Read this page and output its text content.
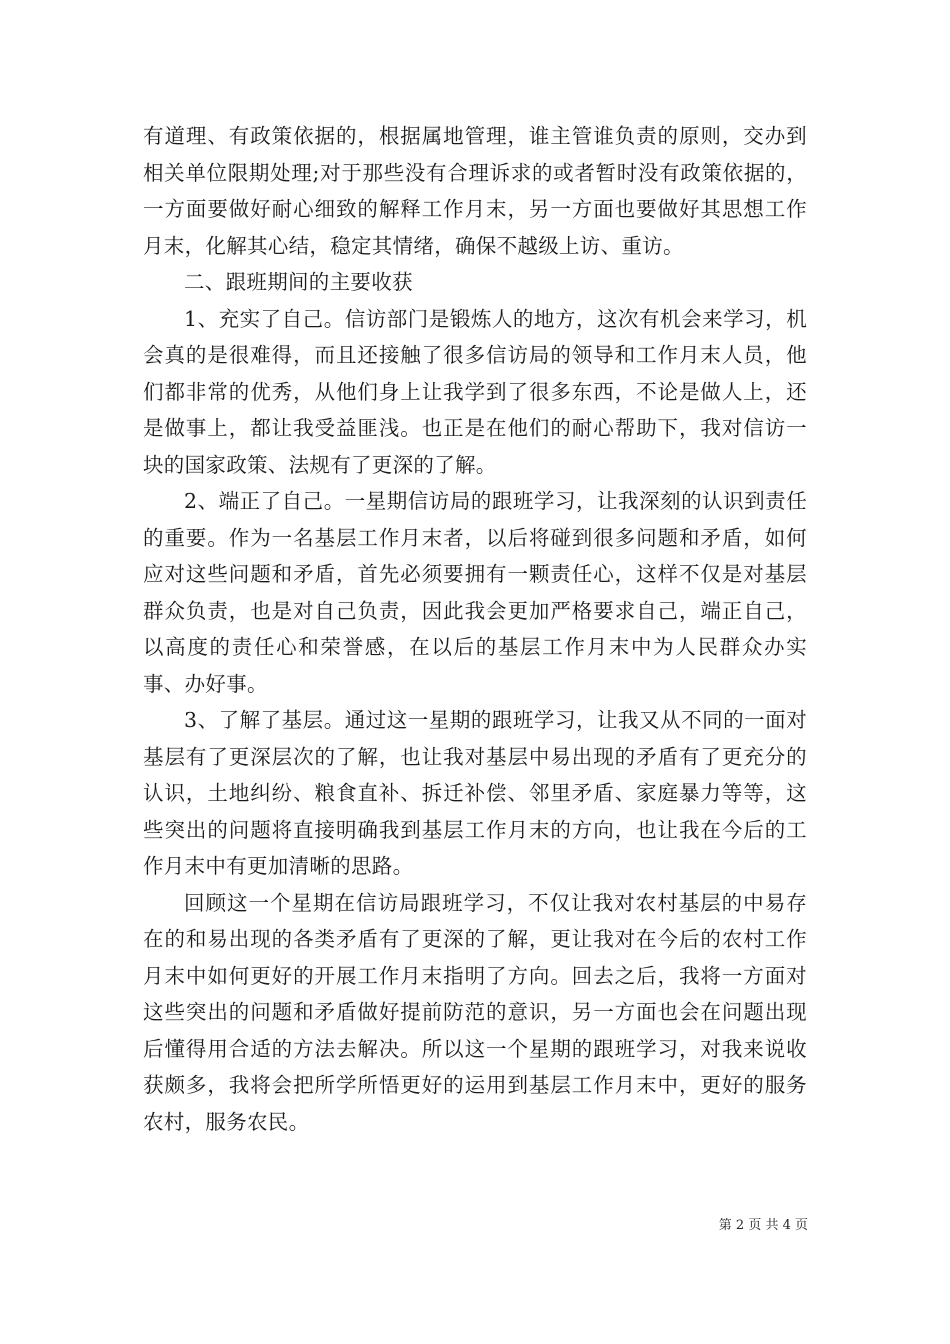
有道理、有政策依据的，根据属地管理，谁主管谁负责的原则，交办到相关单位限期处理;对于那些没有合理诉求的或者暂时没有政策依据的，一方面要做好耐心细致的解释工作月末，另一方面也要做好其思想工作月末，化解其心结，稳定其情绪，确保不越级上访、重访。

二、跟班期间的主要收获

1、充实了自己。信访部门是锻炼人的地方，这次有机会来学习，机会真的是很难得，而且还接触了很多信访局的领导和工作月末人员，他们都非常的优秀，从他们身上让我学到了很多东西，不论是做人上，还是做事上，都让我受益匪浅。也正是在他们的耐心帮助下，我对信访一块的国家政策、法规有了更深的了解。

2、端正了自己。一星期信访局的跟班学习，让我深刻的认识到责任的重要。作为一名基层工作月末者，以后将碰到很多问题和矛盾，如何应对这些问题和矛盾，首先必须要拥有一颗责任心，这样不仅是对基层群众负责，也是对自己负责，因此我会更加严格要求自己，端正自己，以高度的责任心和荣誉感，在以后的基层工作月末中为人民群众办实事、办好事。

3、了解了基层。通过这一星期的跟班学习，让我又从不同的一面对基层有了更深层次的了解，也让我对基层中易出现的矛盾有了更充分的认识，土地纠纷、粮食直补、拆迁补偿、邻里矛盾、家庭暴力等等，这些突出的问题将直接明确我到基层工作月末的方向，也让我在今后的工作月末中有更加清晰的思路。

回顾这一个星期在信访局跟班学习，不仅让我对农村基层的中易存在的和易出现的各类矛盾有了更深的了解，更让我对在今后的农村工作月末中如何更好的开展工作月末指明了方向。回去之后，我将一方面对这些突出的问题和矛盾做好提前防范的意识，另一方面也会在问题出现后懂得用合适的方法去解决。所以这一个星期的跟班学习，对我来说收获颇多，我将会把所学所悟更好的运用到基层工作月末中，更好的服务农村，服务农民。

第 2 页 共 4 页
